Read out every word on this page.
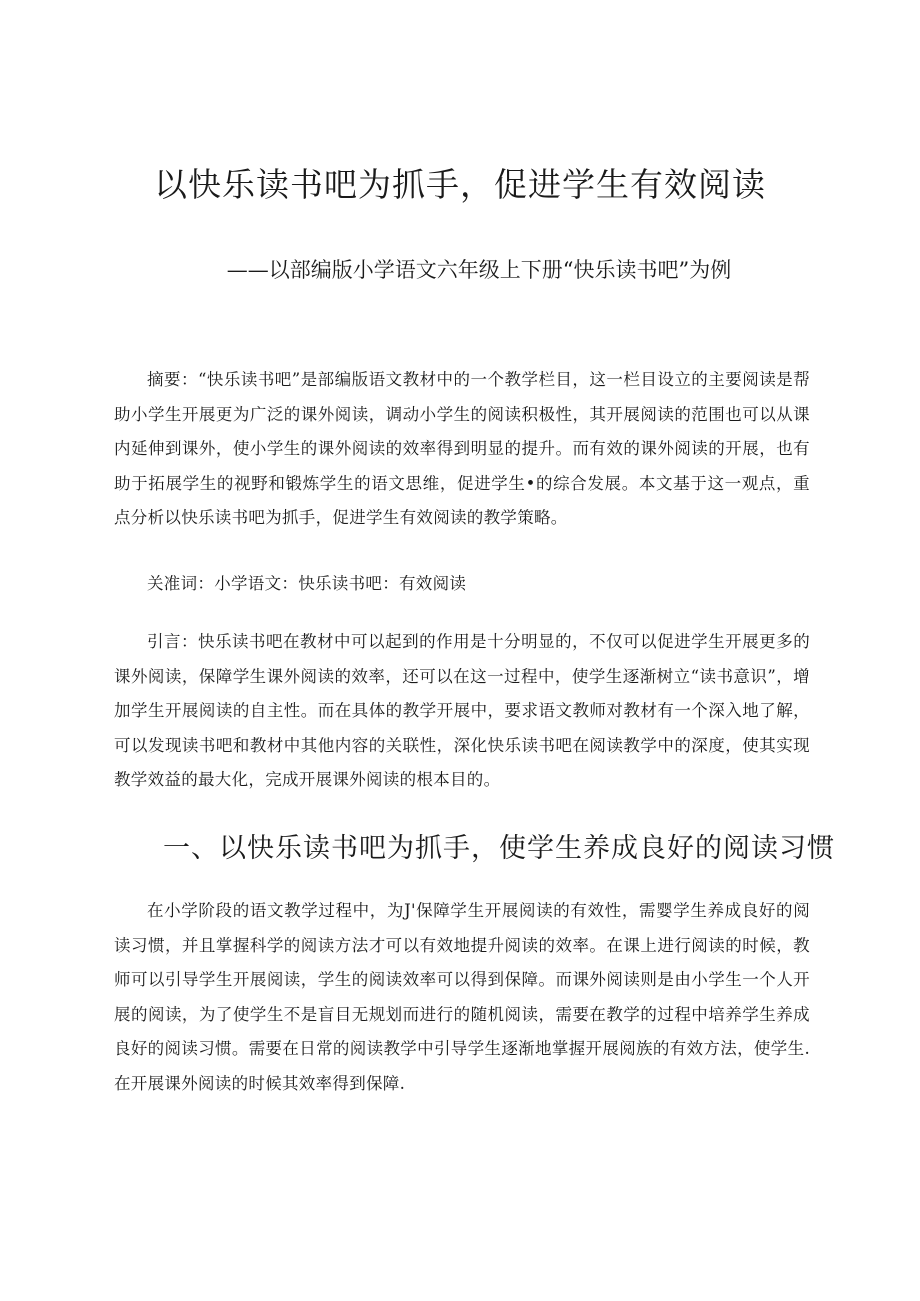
以快乐读书吧为抓手，促进学生有效阅读

——以部编版小学语文六年级上下册“快乐读书吧”为例

摘要：“快乐读书吧”是部编版语文教材中的一个教学栏目，这一栏目设立的主要阅读是帮助小学生开展更为广泛的课外阅读，调动小学生的阅读积极性，其开展阅读的范围也可以从课内延伸到课外，使小学生的课外阅读的效率得到明显的提升。而有效的课外阅读的开展，也有助于拓展学生的视野和锻炼学生的语文思维，促进学生•的综合发展。本文基于这一观点，重点分析以快乐读书吧为抓手，促进学生有效阅读的教学策略。

关准词：小学语文：快乐读书吧：有效阅读

引言：快乐读书吧在教材中可以起到的作用是十分明显的，不仅可以促进学生开展更多的课外阅读，保障学生课外阅读的效率，还可以在这一过程中，使学生逐渐树立“读书意识”，增加学生开展阅读的自主性。而在具体的教学开展中，要求语文教师对教材有一个深入地了解，可以发现读书吧和教材中其他内容的关联性，深化快乐读书吧在阅读教学中的深度，使其实现教学效益的最大化，完成开展课外阅读的根本目的。

一、以快乐读书吧为抓手，使学生养成良好的阅读习惯

在小学阶段的语文教学过程中，为J'保障学生开展阅读的有效性，需婴学生养成良好的阅读习惯，并且掌握科学的阅读方法才可以有效地提升阅读的效率。在课上进行阅读的时候，教师可以引导学生开展阅读，学生的阅读效率可以得到保障。而课外阅读则是由小学生一个人开展的阅读，为了使学生不是盲目无规划而进行的随机阅读，需要在教学的过程中培养学生养成良好的阅读习惯。需要在日常的阅读教学中引导学生逐渐地掌握开展阅族的有效方法，使学生.在开展课外阅读的时候其效率得到保障.
